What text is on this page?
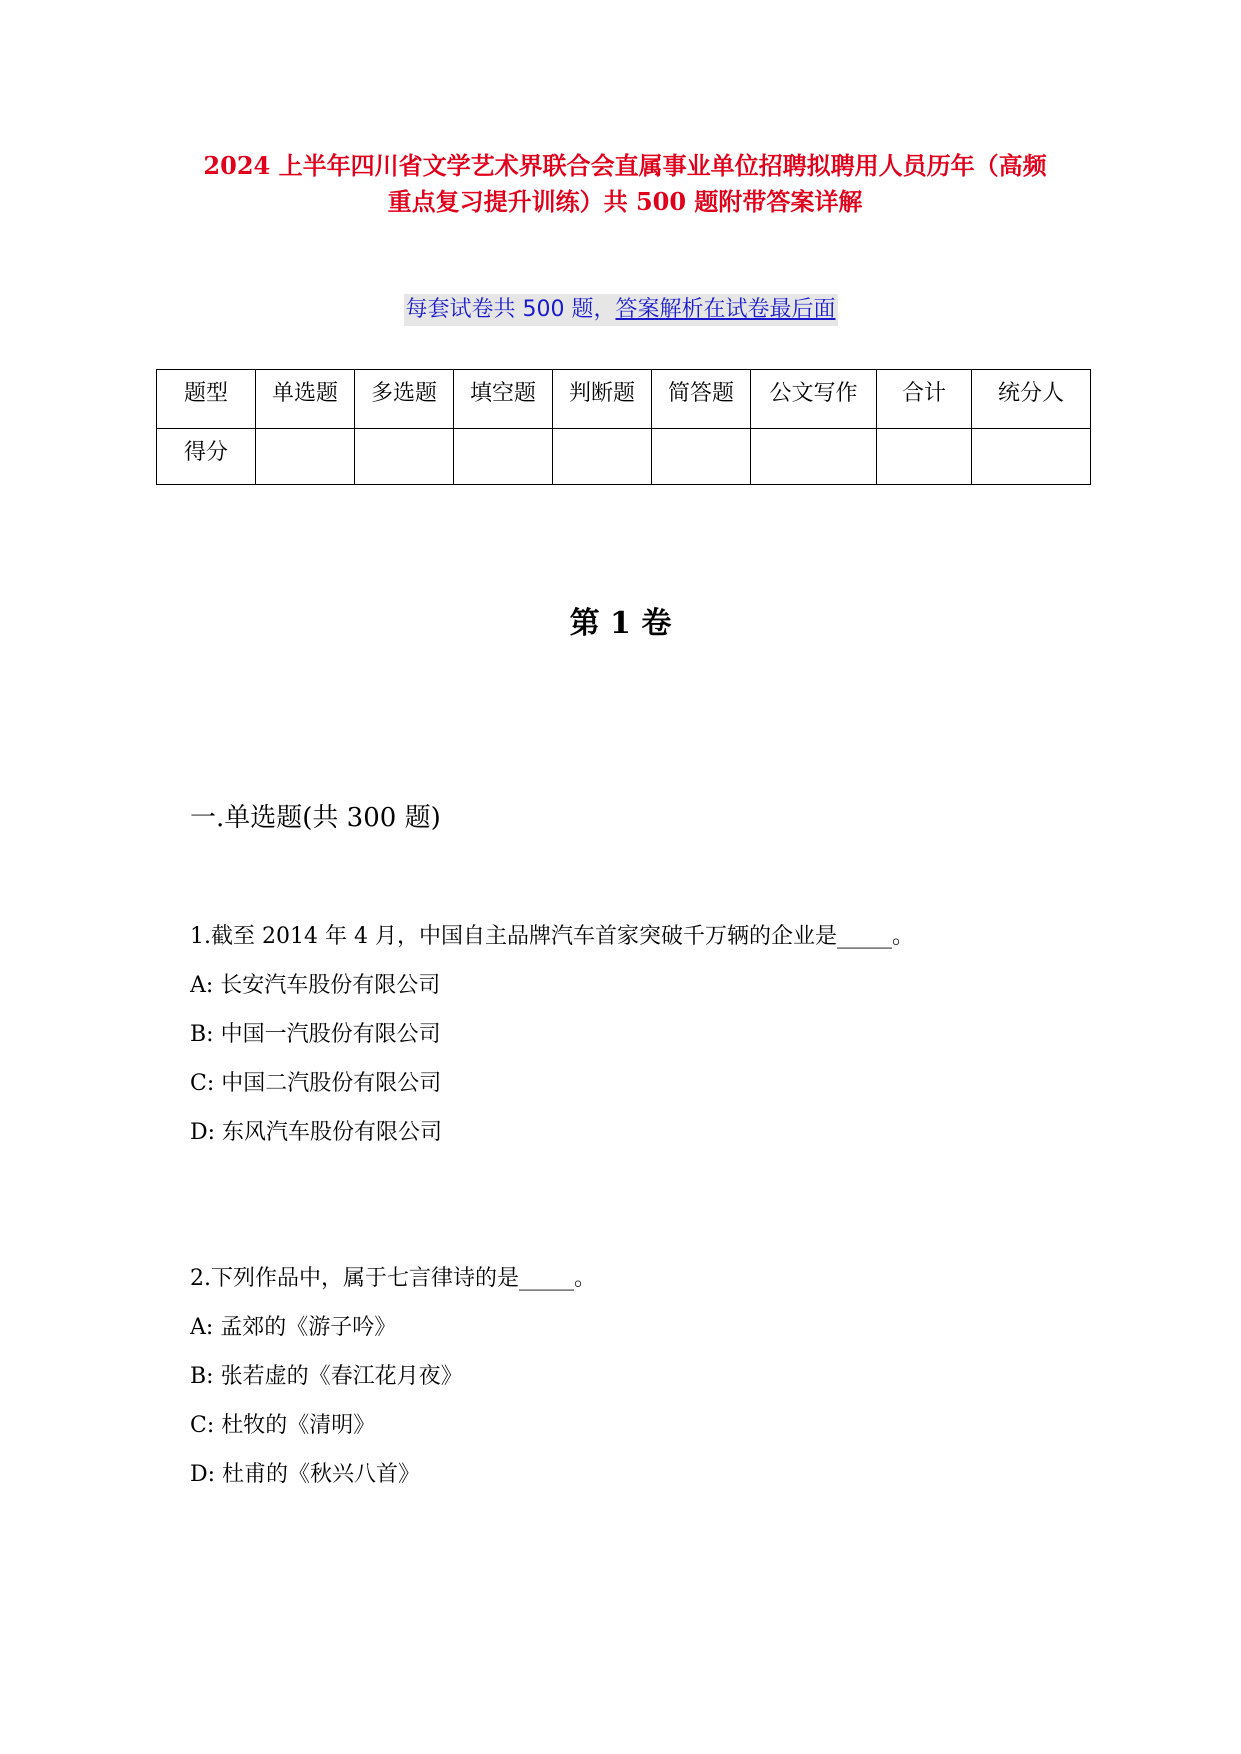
2024 上半年四川省文学艺术界联合会直属事业单位招聘拟聘用人员历年（高频
重点复习提升训练）共 500 题附带答案详解
每套试卷共 500 题，答案解析在试卷最后面
题型	单选题	多选题	填空题	判断题	简答题	公文写作	合计	统分人
得分								
第 1 卷
一.单选题(共 300 题)
1.截至 2014 年 4 月，中国自主品牌汽车首家突破千万辆的企业是_____。
A: 长安汽车股份有限公司
B: 中国一汽股份有限公司
C: 中国二汽股份有限公司
D: 东风汽车股份有限公司
2.下列作品中，属于七言律诗的是_____。
A: 孟郊的《游子吟》
B: 张若虚的《春江花月夜》
C: 杜牧的《清明》
D: 杜甫的《秋兴八首》
